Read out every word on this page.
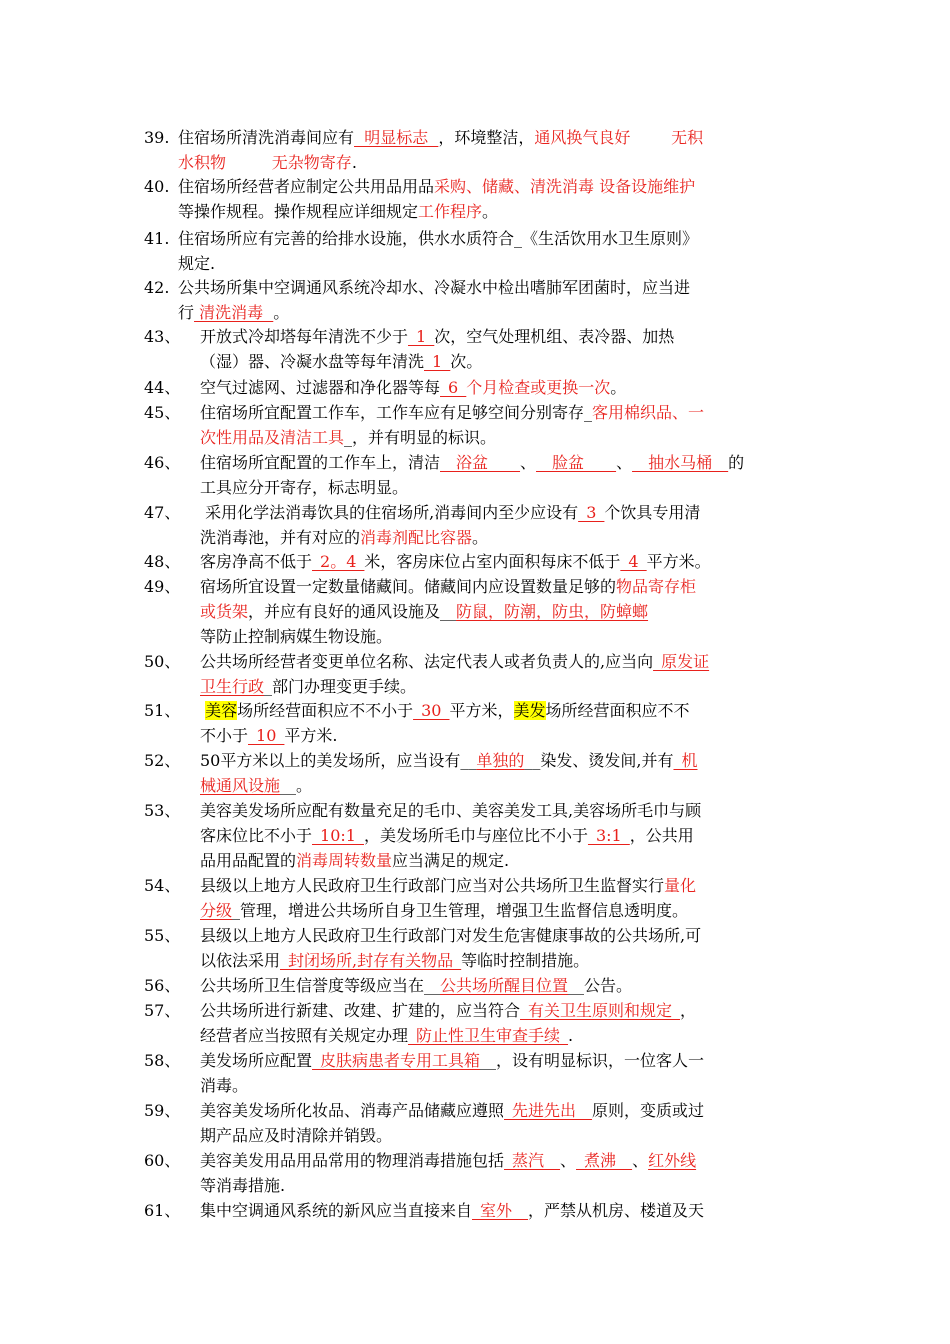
39. 住宿场所清洗消毒间应有  明显标志  ，环境整洁，通风换气良好	无积
水积物	无杂物寄存.
40. 住宿场所经营者应制定公共用品用品采购、储藏、清洗消毒 设备设施维护
等操作规程。操作规程应详细规定工作程序。
41. 住宿场所应有完善的给排水设施，供水水质符合_《生活饮用水卫生原则》
规定.
42. 公共场所集中空调通风系统冷却水、冷凝水中检出嗜肺军团菌时，应当进
行 清洗消毒  。
43、 开放式冷却塔每年清洗不少于_1_次，空气处理机组、表冷器、加热
（湿）器、冷凝水盘等每年清洗_1_次。
44、 空气过滤网、过滤器和净化器等每_6_个月检查或更换一次。
45、 住宿场所宜配置工作车，工作车应有足够空间分别寄存_客用棉织品、一
次性用品及清洁工具_，并有明显的标识。
46、 住宿场所宜配置的工作车上，清洁__浴盆____、__脸盆____、__抽水马桶__的
工具应分开寄存，标志明显。
47、 采用化学法消毒饮具的住宿场所,消毒间内至少应设有_3_个饮具专用清
洗消毒池，并有对应的消毒剂配比容器。
48、 客房净高不低于_2。4_米，客房床位占室内面积每床不低于_4_平方米。
49、 宿场所宜设置一定数量储藏间。储藏间内应设置数量足够的物品寄存柜
或货架，并应有良好的通风设施及__防鼠，防潮，防虫，防蟑螂
等防止控制病媒生物设施。
50、 公共场所经营者变更单位名称、法定代表人或者负责人的,应当向_原发证
卫生行政_部门办理变更手续。
51、	美容场所经营面积应不不小于_30_平方米，美发场所经营面积应不不
不小于_10_平方米.
52、 50平方米以上的美发场所，应当设有__单独的__染发、烫发间,并有_机
械通风设施__。
53、 美容美发场所应配有数量充足的毛巾、美容美发工具,美容场所毛巾与顾
客床位比不小于_10:1_，美发场所毛巾与座位比不小于_3:1_，公共用
品用品配置的消毒周转数量应当满足的规定.
54、 县级以上地方人民政府卫生行政部门应当对公共场所卫生监督实行量化
分级_管理，增进公共场所自身卫生管理，增强卫生监督信息透明度。
55、 县级以上地方人民政府卫生行政部门对发生危害健康事故的公共场所,可
以依法采用_封闭场所,封存有关物品_等临时控制措施。
56、 公共场所卫生信誉度等级应当在__公共场所醒目位置__公告。
57、 公共场所进行新建、改建、扩建的，应当符合_有关卫生原则和规定_，
经营者应当按照有关规定办理_防止性卫生审查手续_.
58、 美发场所应配置_皮肤病患者专用工具箱__，设有明显标识，一位客人一
消毒。
59、 美容美发场所化妆品、消毒产品储藏应遵照_先进先出__原则，变质或过
期产品应及时清除并销毁。
60、 美容美发用品用品常用的物理消毒措施包括_蒸汽__、_煮沸__、红外线
等消毒措施.
61、 集中空调通风系统的新风应当直接来自_室外__，严禁从机房、楼道及天
